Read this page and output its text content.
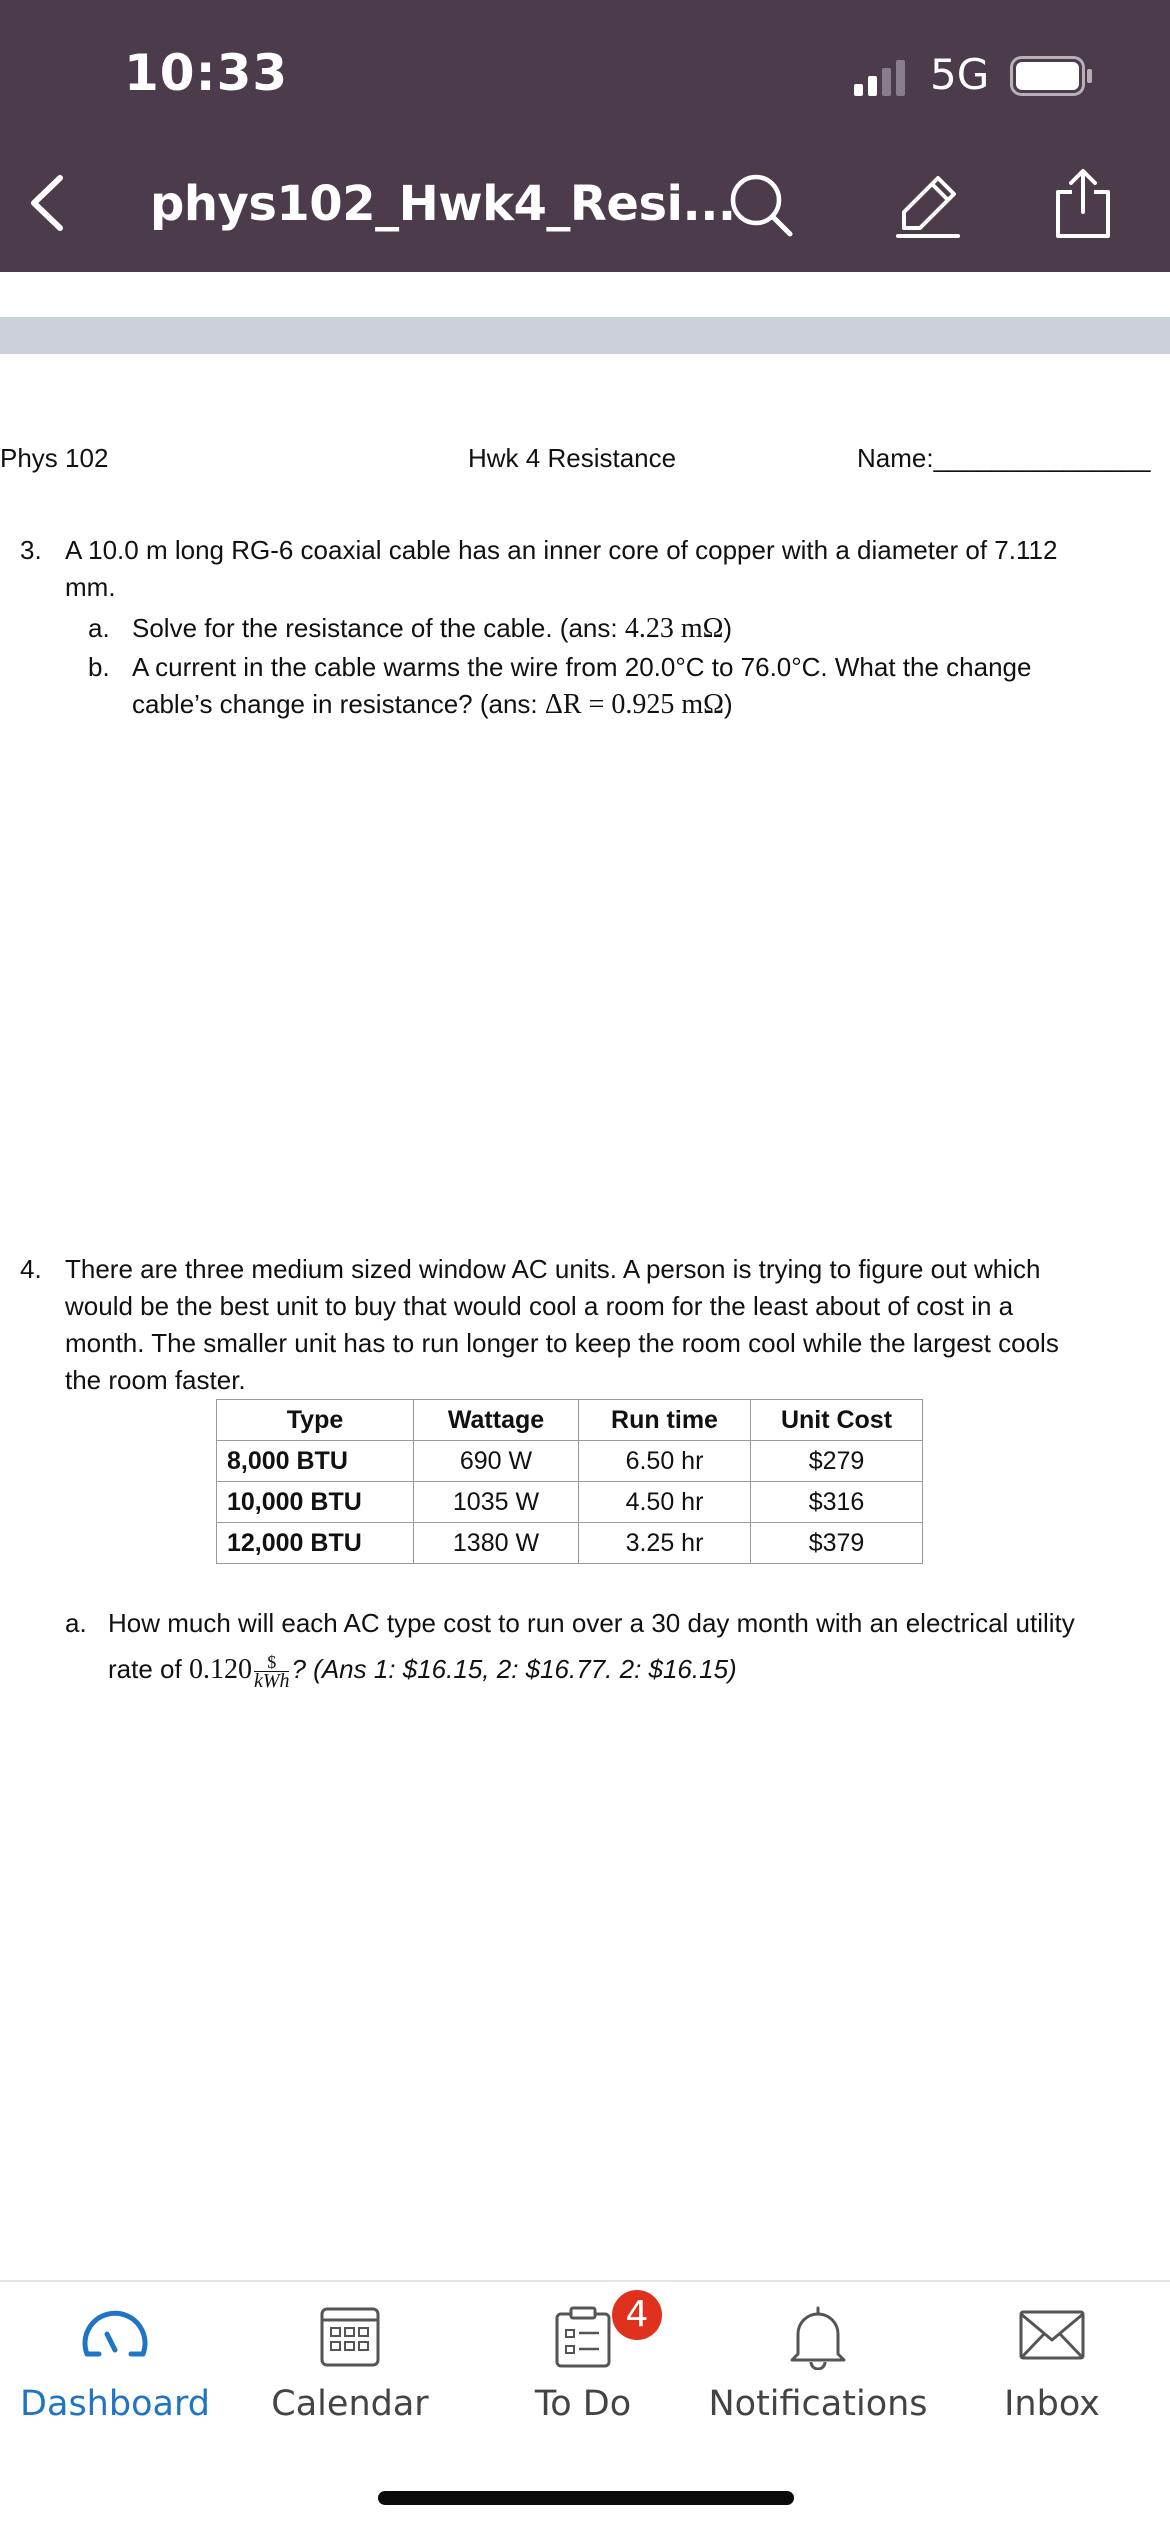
10:33	5G
phys102_Hwk4_Resi...
Phys 102	Hwk 4 Resistance	Name:_______________
3. A 10.0 m long RG-6 coaxial cable has an inner core of copper with a diameter of 7.112
mm.
a. Solve for the resistance of the cable. (ans: 4.23 mΩ)
b. A current in the cable warms the wire from 20.0°C to 76.0°C. What the change
cable’s change in resistance? (ans: ΔR = 0.925 mΩ)
4. There are three medium sized window AC units. A person is trying to figure out which
would be the best unit to buy that would cool a room for the least about of cost in a
month. The smaller unit has to run longer to keep the room cool while the largest cools
the room faster.
Type	Wattage	Run time	Unit Cost
8,000 BTU	690 W	6.50 hr	$279
10,000 BTU	1035 W	4.50 hr	$316
12,000 BTU	1380 W	3.25 hr	$379
a. How much will each AC type cost to run over a 30 day month with an electrical utility
rate of 0.120 $
kWh ? (Ans 1: $16.15, 2: $16.77. 2: $16.15)
Dashboard	Calendar	To Do	Notifications	Inbox
4
